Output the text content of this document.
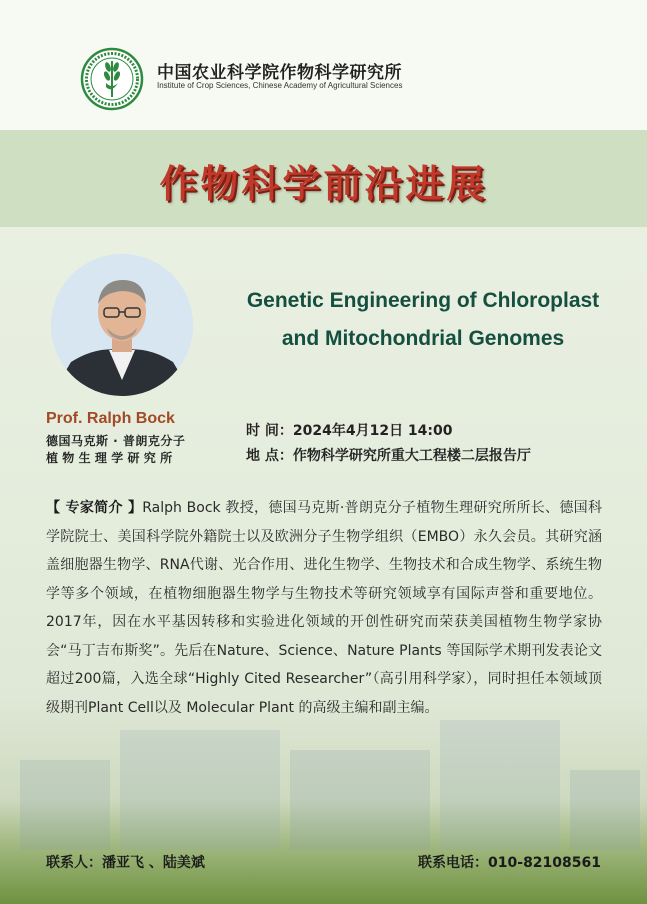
中国农业科学院作物科学研究所
Institute of Crop Sciences, Chinese Academy of Agricultural Sciences
作物科学前沿进展
Prof. Ralph Bock
德国马克斯 · 普朗克分子
植物生理学研究所
Genetic Engineering of Chloroplast
and Mitochondrial Genomes
时 间：2024年4月12日 14:00
地 点：作物科学研究所重大工程楼二层报告厅
【 专家简介 】Ralph Bock 教授，德国马克斯·普朗克分子植物生理研究所所长、德国科学院院士、美国科学院外籍院士以及欧洲分子生物学组织（EMBO）永久会员。其研究涵盖细胞器生物学、RNA代谢、光合作用、进化生物学、生物技术和合成生物学、系统生物学等多个领域，在植物细胞器生物学与生物技术等研究领域享有国际声誉和重要地位。2017年，因在水平基因转移和实验进化领域的开创性研究而荣获美国植物生物学家协会“马丁吉布斯奖”。先后在Nature、Science、Nature Plants 等国际学术期刊发表论文超过200篇，入选全球“Highly Cited Researcher”（高引用科学家），同时担任本领域顶级期刊Plant Cell以及 Molecular Plant 的高级主编和副主编。
联系人：潘亚飞 、陆美斌	联系电话：010-82108561
